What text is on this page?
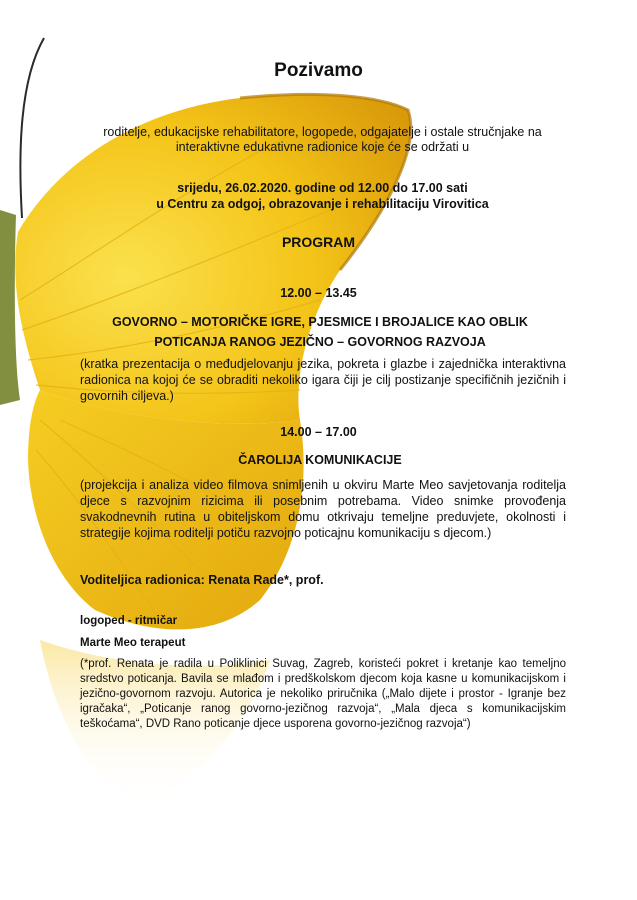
Pozivamo

roditelje, edukacijske rehabilitatore, logopede, odgajatelje i ostale stručnjake na interaktivne edukativne radionice koje će se održati u

srijedu, 26.02.2020. godine od 12.00 do 17.00 sati

u Centru za odgoj, obrazovanje i rehabilitaciju Virovitica

PROGRAM

12.00 – 13.45

GOVORNO – MOTORIČKE IGRE, PJESMICE I BROJALICE KAO OBLIK

POTICANJA RANOG JEZIČNO – GOVORNOG RAZVOJA

(kratka prezentacija o međudjelovanju jezika, pokreta i glazbe i zajednička interaktivna radionica na kojoj će se obraditi nekoliko igara čiji je cilj postizanje specifičnih jezičnih i govornih ciljeva.)

14.00 – 17.00

ČAROLIJA KOMUNIKACIJE

(projekcija i analiza video filmova snimljenih u okviru Marte Meo savjetovanja roditelja djece s razvojnim rizicima ili posebnim potrebama. Video snimke provođenja svakodnevnih rutina u obiteljskom domu otkrivaju temeljne preduvjete, okolnosti i strategije kojima roditelji potiču razvojno poticajnu komunikaciju s djecom.)

Voditeljica radionica: Renata Rade*, prof.

logoped - ritmičar

Marte Meo terapeut

(*prof. Renata je radila u Poliklinici Suvag, Zagreb, koristeći pokret i kretanje kao temeljno sredstvo poticanja. Bavila se mlađom i predškolskom djecom koja kasne u komunikacijskom i jezično-govornom razvoju. Autorica je nekoliko priručnika („Malo dijete i prostor - Igranje bez igračaka“, „Poticanje ranog govorno-jezičnog razvoja“, „Mala djeca s komunikacijskim teškoćama“, DVD Rano poticanje djece usporena govorno-jezičnog razvoja“)
